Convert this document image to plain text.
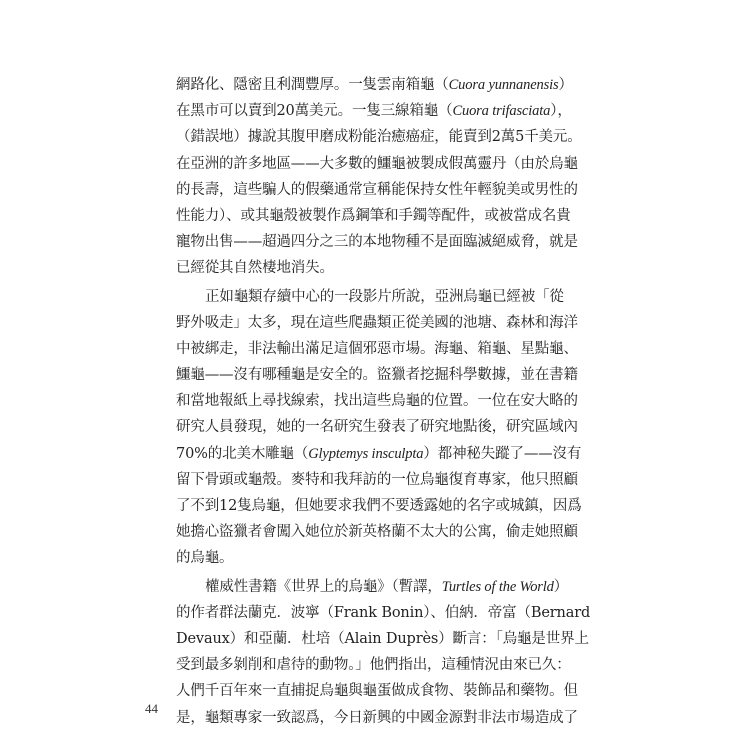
網路化、隱密且利潤豐厚。一隻雲南箱龜（Cuora yunnanensis）
在黑市可以賣到20萬美元。一隻三線箱龜（Cuora trifasciata），
（錯誤地）據說其腹甲磨成粉能治癒癌症，能賣到2萬5千美元。
在亞洲的許多地區——大多數的鱷龜被製成假萬靈丹（由於烏龜
的長壽，這些騙人的假藥通常宣稱能保持女性年輕貌美或男性的
性能力）、或其龜殼被製作爲鋼筆和手鐲等配件，或被當成名貴
寵物出售——超過四分之三的本地物種不是面臨滅絕威脅，就是
已經從其自然棲地消失。
正如龜類存續中心的一段影片所說，亞洲烏龜已經被「從
野外吸走」太多，現在這些爬蟲類正從美國的池塘、森林和海洋
中被綁走，非法輸出滿足這個邪惡市場。海龜、箱龜、星點龜、
鱷龜——沒有哪種龜是安全的。盜獵者挖掘科學數據，並在書籍
和當地報紙上尋找線索，找出這些烏龜的位置。一位在安大略的
研究人員發現，她的一名研究生發表了研究地點後，研究區域內
70%的北美木雕龜（Glyptemys insculpta）都神秘失蹤了——沒有
留下骨頭或龜殼。麥特和我拜訪的一位烏龜復育專家，他只照顧
了不到12隻烏龜，但她要求我們不要透露她的名字或城鎮，因爲
她擔心盜獵者會闖入她位於新英格蘭不太大的公寓，偷走她照顧
的烏龜。
權威性書籍《世界上的烏龜》（暫譯，Turtles of the World）
的作者群法蘭克．波寧（Frank Bonin）、伯納．帝富（Bernard
Devaux）和亞蘭．杜培（Alain Duprès）斷言：「烏龜是世界上
受到最多剝削和虐待的動物。」他們指出，這種情況由來已久：
人們千百年來一直捕捉烏龜與龜蛋做成食物、裝飾品和藥物。但
是，龜類專家一致認爲，今日新興的中國金源對非法市場造成了
44
